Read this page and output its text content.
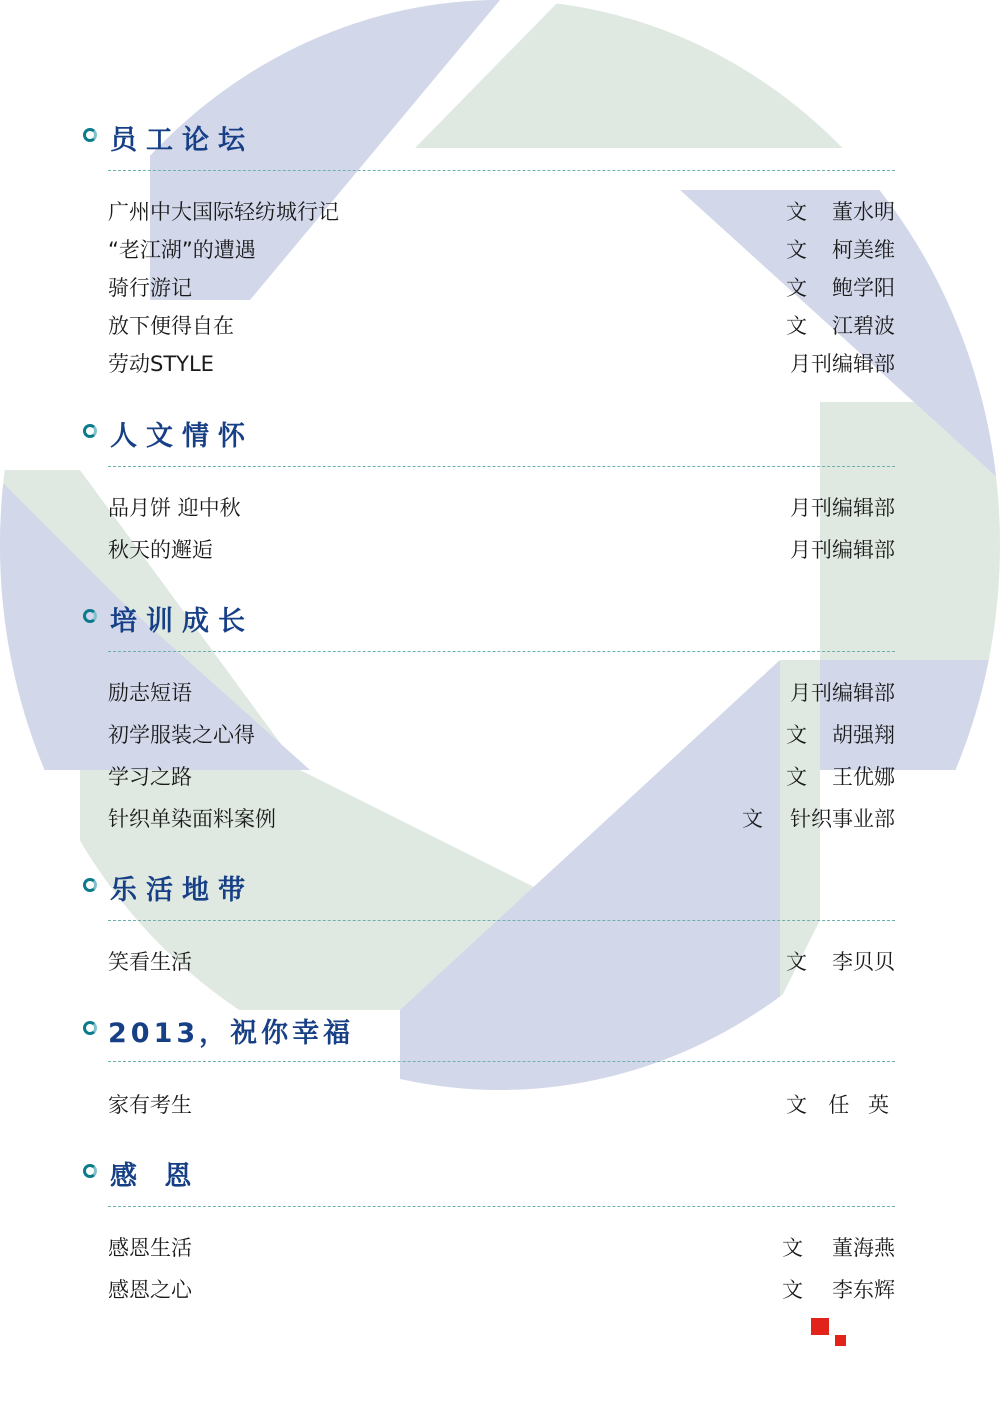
员工论坛
广州中大国际轻纺城行记	文 董水明
“老江湖”的遭遇	文 柯美维
骑行游记	文 鲍学阳
放下便得自在	文 江碧波
劳动STYLE	月刊编辑部
人文情怀
品月饼 迎中秋	月刊编辑部
秋天的邂逅	月刊编辑部
培训成长
励志短语	月刊编辑部
初学服装之心得	文 胡强翔
学习之路	文 王优娜
针织单染面料案例	文 针织事业部
乐活地带
笑看生活	文 李贝贝
2013，祝你幸福
家有考生	文 任 英
感 恩
感恩生活	文 董海燕
感恩之心	文 李东辉
